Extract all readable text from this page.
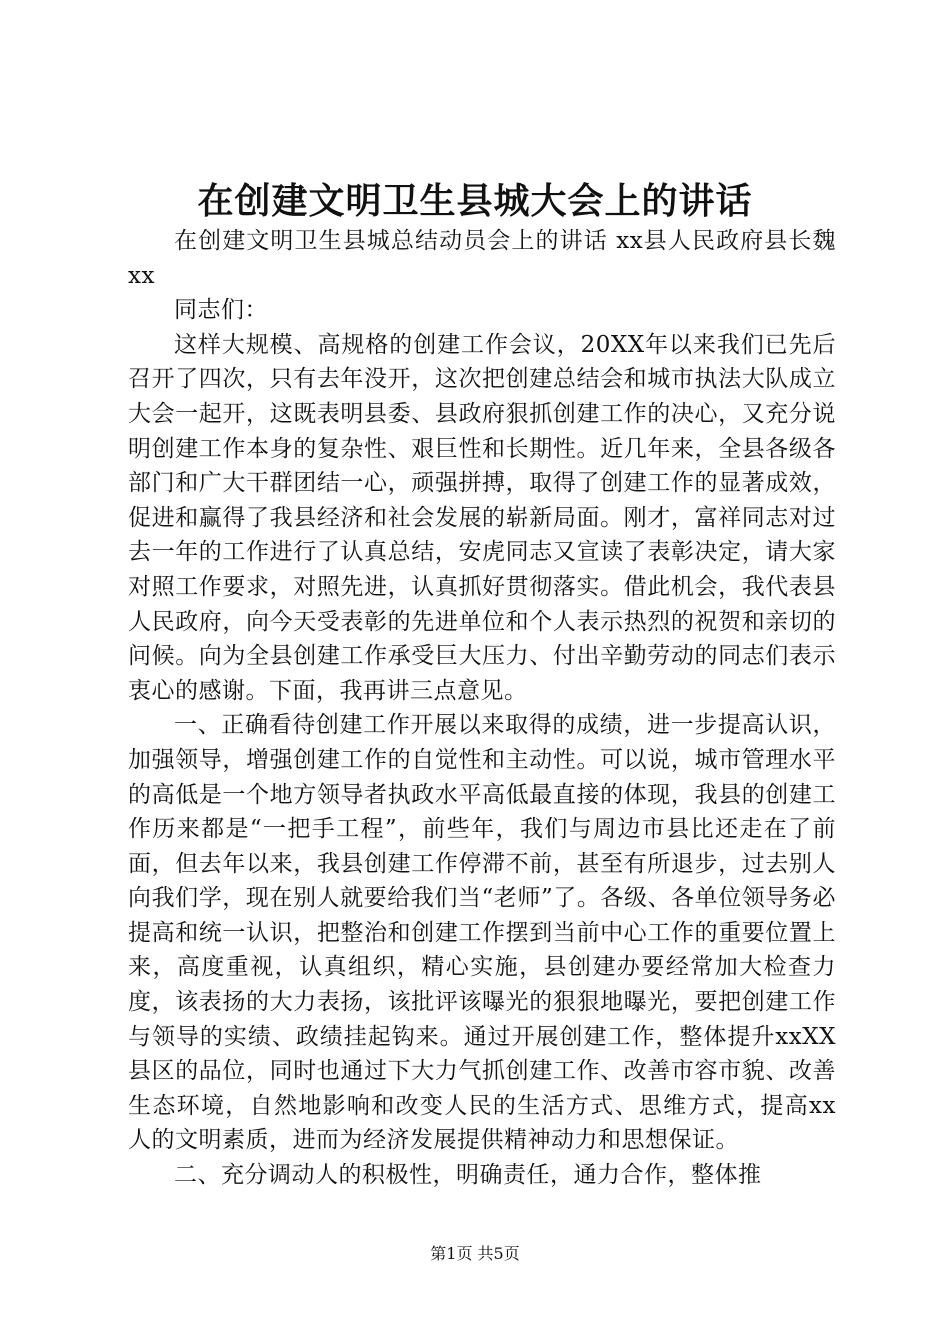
在创建文明卫生县城大会上的讲话

在创建文明卫生县城总结动员会上的讲话 xx县人民政府县长魏xx

同志们：

这样大规模、高规格的创建工作会议，20XX年以来我们已先后召开了四次，只有去年没开，这次把创建总结会和城市执法大队成立大会一起开，这既表明县委、县政府狠抓创建工作的决心，又充分说明创建工作本身的复杂性、艰巨性和长期性。近几年来，全县各级各部门和广大干群团结一心，顽强拼搏，取得了创建工作的显著成效，促进和赢得了我县经济和社会发展的崭新局面。刚才，富祥同志对过去一年的工作进行了认真总结，安虎同志又宣读了表彰决定，请大家对照工作要求，对照先进，认真抓好贯彻落实。借此机会，我代表县人民政府，向今天受表彰的先进单位和个人表示热烈的祝贺和亲切的问候。向为全县创建工作承受巨大压力、付出辛勤劳动的同志们表示衷心的感谢。下面，我再讲三点意见。

一、正确看待创建工作开展以来取得的成绩，进一步提高认识，加强领导，增强创建工作的自觉性和主动性。可以说，城市管理水平的高低是一个地方领导者执政水平高低最直接的体现，我县的创建工作历来都是“一把手工程”，前些年，我们与周边市县比还走在了前面，但去年以来，我县创建工作停滞不前，甚至有所退步，过去别人向我们学，现在别人就要给我们当“老师”了。各级、各单位领导务必提高和统一认识，把整治和创建工作摆到当前中心工作的重要位置上来，高度重视，认真组织，精心实施，县创建办要经常加大检查力度，该表扬的大力表扬，该批评该曝光的狠狠地曝光，要把创建工作与领导的实绩、政绩挂起钩来。通过开展创建工作，整体提升xxXX县区的品位，同时也通过下大力气抓创建工作、改善市容市貌、改善生态环境，自然地影响和改变人民的生活方式、思维方式，提高xx人的文明素质，进而为经济发展提供精神动力和思想保证。

二、充分调动人的积极性，明确责任，通力合作，整体推

第1页 共5页
